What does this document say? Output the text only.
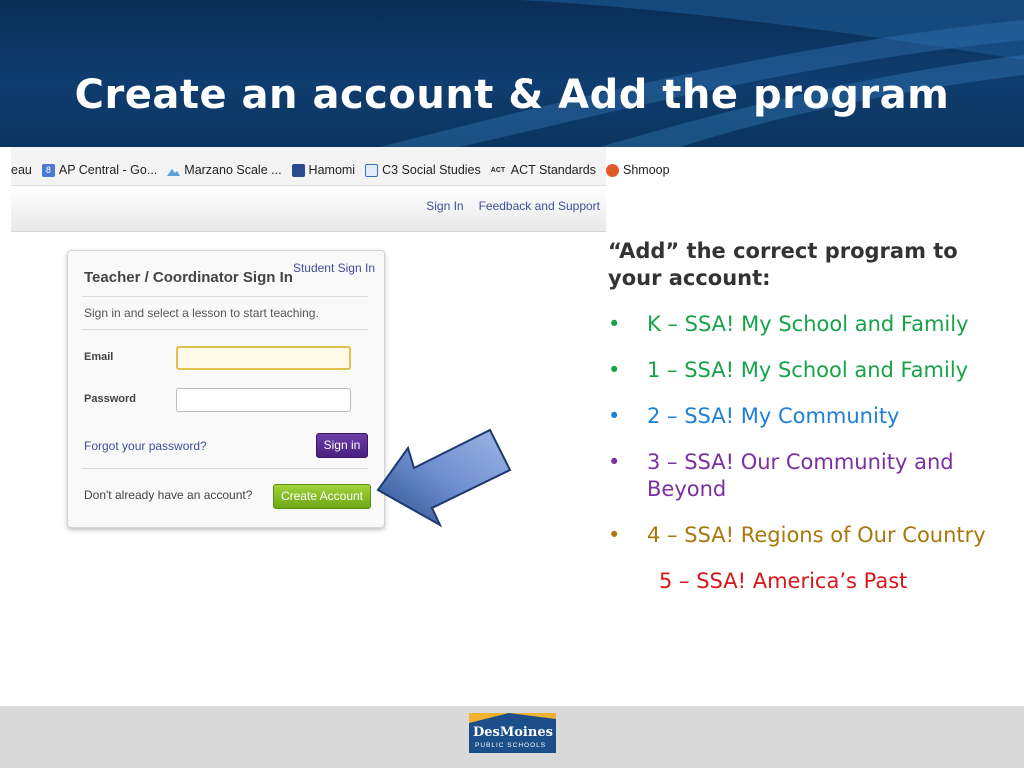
Create an account & Add the program
eau	8 AP Central - Go... Marzano Scale ... Hamomi C3 Social Studies ACT ACT Standards Shmoop
Sign In Feedback and Support
Teacher / Coordinator Sign In
Student Sign In
Sign in and select a lesson to start teaching.
Email
Password
Forgot your password?	Sign in
Don't already have an account?	Create Account
“Add” the correct program to your account:
• K – SSA! My School and Family
• 1 – SSA! My School and Family
• 2 – SSA! My Community
• 3 – SSA! Our Community and Beyond
• 4 – SSA! Regions of Our Country
5 – SSA! America’s Past
DesMoines
PUBLIC SCHOOLS
